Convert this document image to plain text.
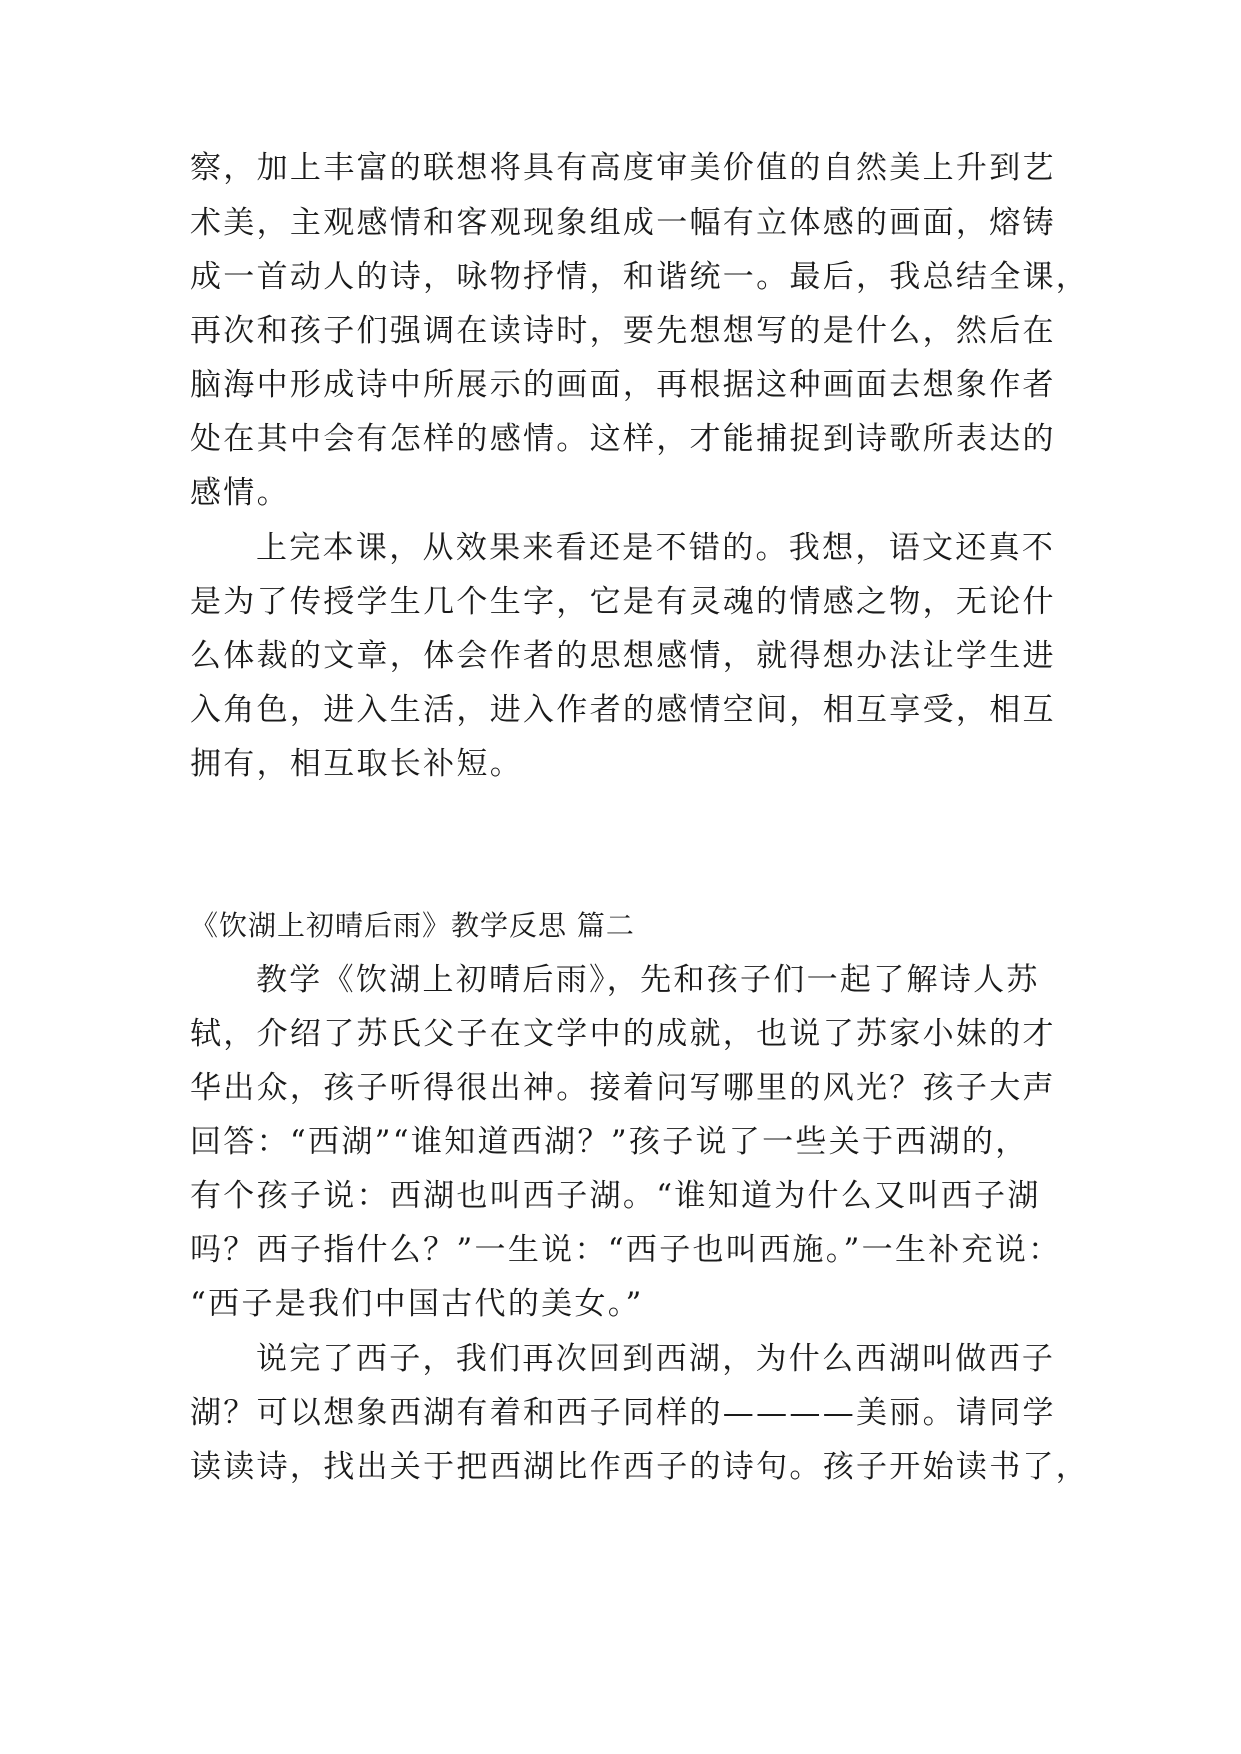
察，加上丰富的联想将具有高度审美价值的自然美上升到艺
术美，主观感情和客观现象组成一幅有立体感的画面，熔铸
成一首动人的诗，咏物抒情，和谐统一。最后，我总结全课，
再次和孩子们强调在读诗时，要先想想写的是什么，然后在
脑海中形成诗中所展示的画面，再根据这种画面去想象作者
处在其中会有怎样的感情。这样，才能捕捉到诗歌所表达的
感情。
上完本课，从效果来看还是不错的。我想，语文还真不
是为了传授学生几个生字，它是有灵魂的情感之物，无论什
么体裁的文章，体会作者的思想感情，就得想办法让学生进
入角色，进入生活，进入作者的感情空间，相互享受，相互
拥有，相互取长补短。
《饮湖上初晴后雨》教学反思 篇二
教学《饮湖上初晴后雨》，先和孩子们一起了解诗人苏
轼，介绍了苏氏父子在文学中的成就，也说了苏家小妹的才
华出众，孩子听得很出神。接着问写哪里的风光？孩子大声
回答：“西湖”“谁知道西湖？”孩子说了一些关于西湖的，
有个孩子说：西湖也叫西子湖。“谁知道为什么又叫西子湖
吗？西子指什么？”一生说：“西子也叫西施。”一生补充说：
“西子是我们中国古代的美女。”
说完了西子，我们再次回到西湖，为什么西湖叫做西子
湖？可以想象西湖有着和西子同样的————美丽。请同学
读读诗，找出关于把西湖比作西子的诗句。孩子开始读书了，
